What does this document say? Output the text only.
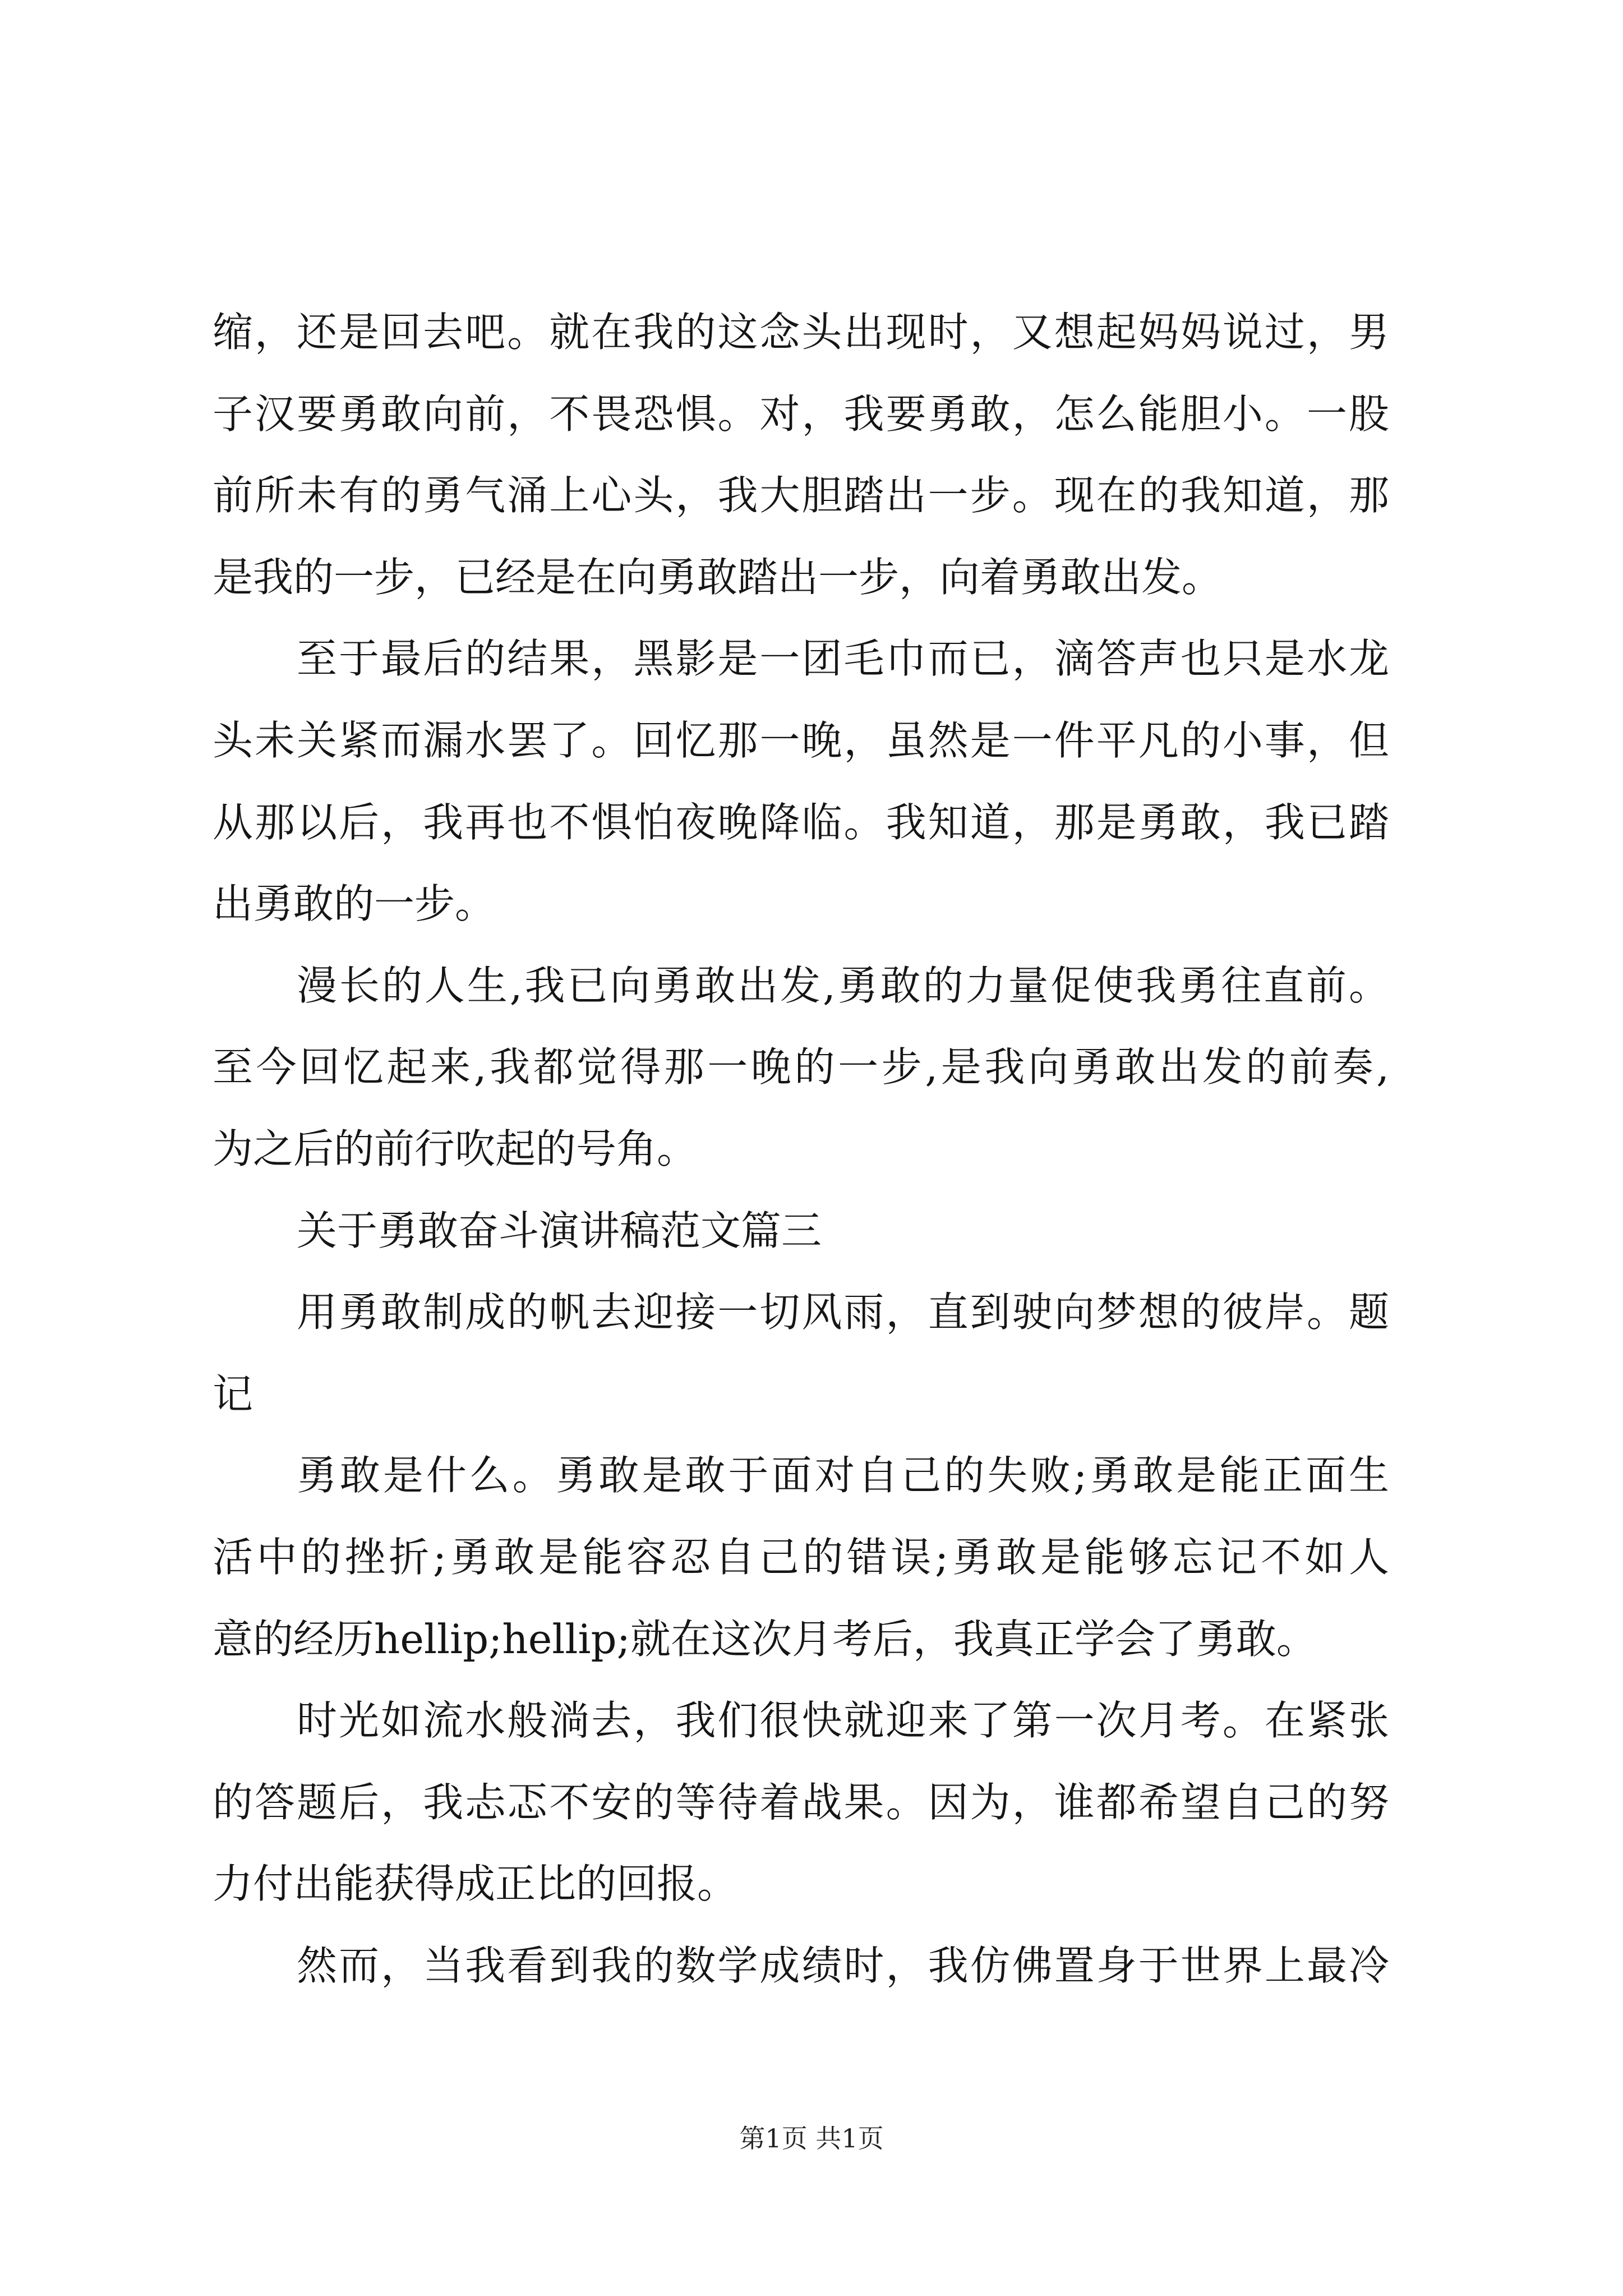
缩，还是回去吧。就在我的这念头出现时，又想起妈妈说过，男
子汉要勇敢向前，不畏恐惧。对，我要勇敢，怎么能胆小。一股
前所未有的勇气涌上心头，我大胆踏出一步。现在的我知道，那
是我的一步，已经是在向勇敢踏出一步，向着勇敢出发。
至于最后的结果，黑影是一团毛巾而已，滴答声也只是水龙
头未关紧而漏水罢了。回忆那一晚，虽然是一件平凡的小事，但
从那以后，我再也不惧怕夜晚降临。我知道，那是勇敢，我已踏
出勇敢的一步。
漫长的人生,我已向勇敢出发,勇敢的力量促使我勇往直前。
至今回忆起来,我都觉得那一晚的一步,是我向勇敢出发的前奏,
为之后的前行吹起的号角。
关于勇敢奋斗演讲稿范文篇三
用勇敢制成的帆去迎接一切风雨，直到驶向梦想的彼岸。题
记
勇敢是什么。勇敢是敢于面对自己的失败;勇敢是能正面生
活中的挫折;勇敢是能容忍自己的错误;勇敢是能够忘记不如人
意的经历hellip;hellip;就在这次月考后，我真正学会了勇敢。
时光如流水般淌去，我们很快就迎来了第一次月考。在紧张
的答题后，我忐忑不安的等待着战果。因为，谁都希望自己的努
力付出能获得成正比的回报。
然而，当我看到我的数学成绩时，我仿佛置身于世界上最冷
第1页 共1页
